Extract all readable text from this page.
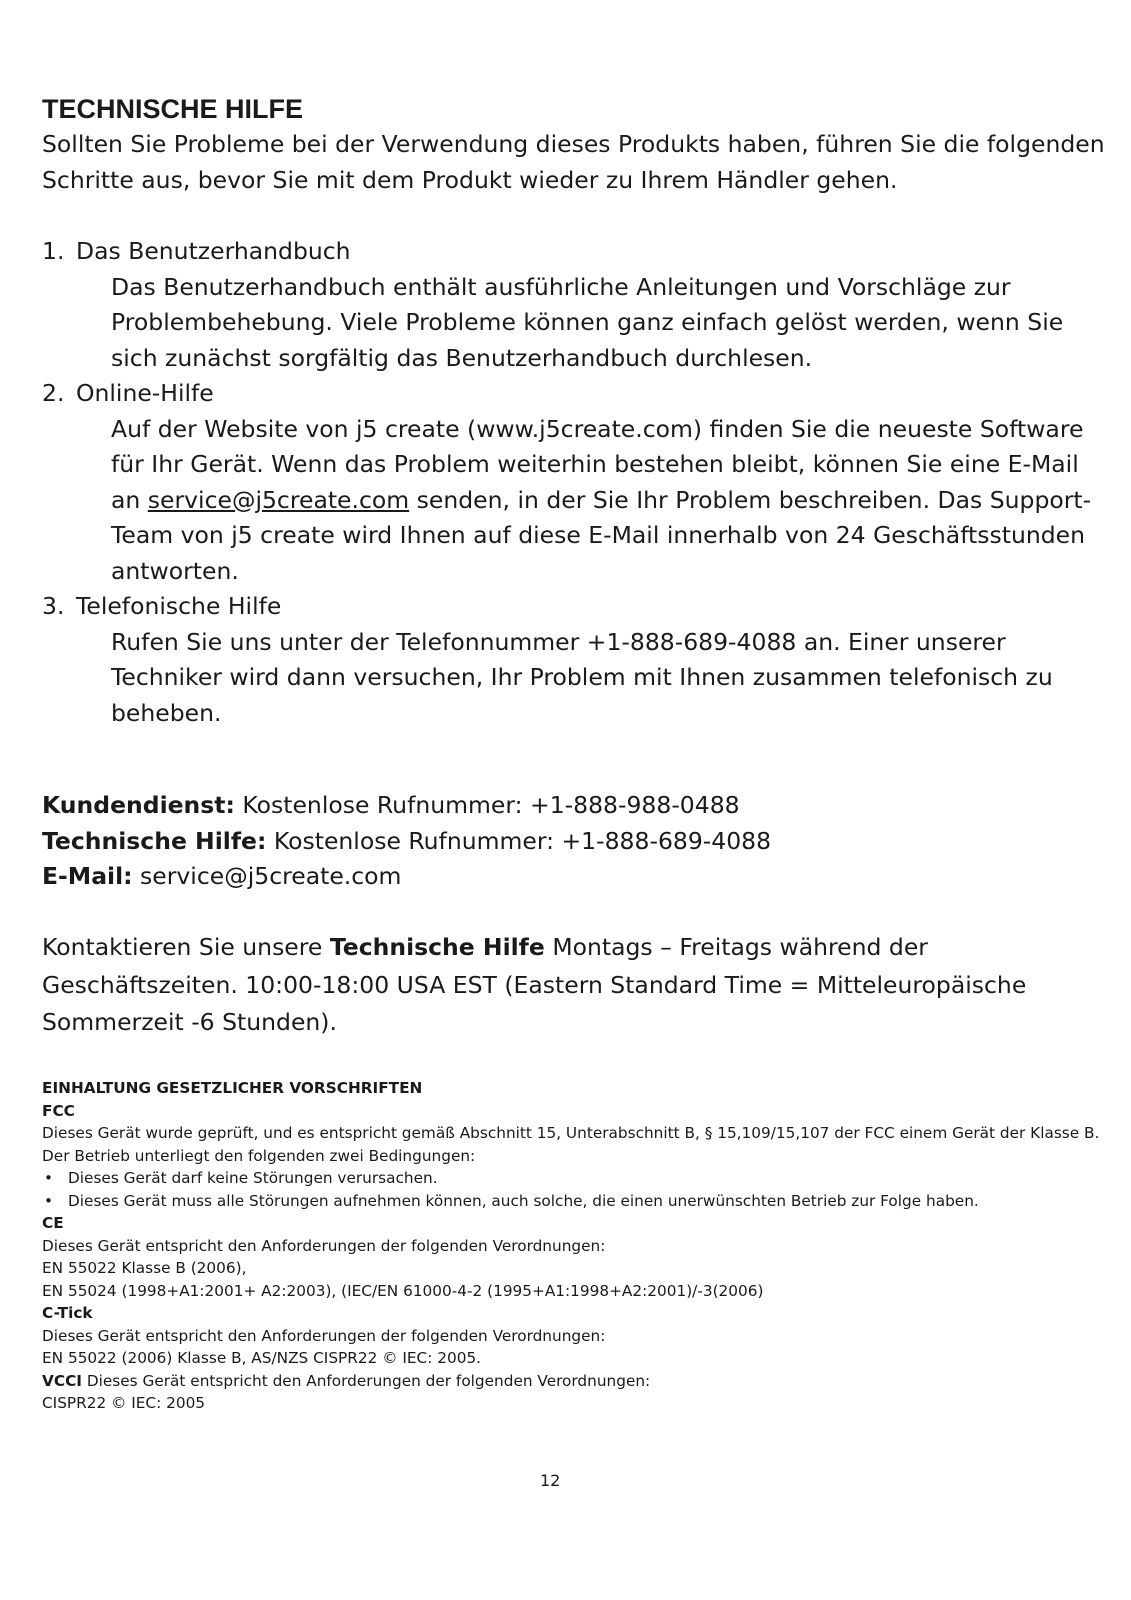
TECHNISCHE HILFE
Sollten Sie Probleme bei der Verwendung dieses Produkts haben, führen Sie die folgenden Schritte aus, bevor Sie mit dem Produkt wieder zu Ihrem Händler gehen.
1. Das Benutzerhandbuch
Das Benutzerhandbuch enthält ausführliche Anleitungen und Vorschläge zur Problembehebung. Viele Probleme können ganz einfach gelöst werden, wenn Sie sich zunächst sorgfältig das Benutzerhandbuch durchlesen.
2. Online-Hilfe
Auf der Website von j5 create (www.j5create.com) finden Sie die neueste Software für Ihr Gerät. Wenn das Problem weiterhin bestehen bleibt, können Sie eine E-Mail an service@j5create.com senden, in der Sie Ihr Problem beschreiben. Das Support-Team von j5 create wird Ihnen auf diese E-Mail innerhalb von 24 Geschäftsstunden antworten.
3. Telefonische Hilfe
Rufen Sie uns unter der Telefonnummer +1-888-689-4088 an. Einer unserer Techniker wird dann versuchen, Ihr Problem mit Ihnen zusammen telefonisch zu beheben.
Kundendienst: Kostenlose Rufnummer: +1-888-988-0488
Technische Hilfe: Kostenlose Rufnummer: +1-888-689-4088
E-Mail: service@j5create.com
Kontaktieren Sie unsere Technische Hilfe Montags – Freitags während der Geschäftszeiten. 10:00-18:00 USA EST (Eastern Standard Time = Mitteleuropäische Sommerzeit -6 Stunden).
EINHALTUNG GESETZLICHER VORSCHRIFTEN
FCC
Dieses Gerät wurde geprüft, und es entspricht gemäß Abschnitt 15, Unterabschnitt B, § 15,109/15,107 der FCC einem Gerät der Klasse B.
Der Betrieb unterliegt den folgenden zwei Bedingungen:
• Dieses Gerät darf keine Störungen verursachen.
• Dieses Gerät muss alle Störungen aufnehmen können, auch solche, die einen unerwünschten Betrieb zur Folge haben.
CE
Dieses Gerät entspricht den Anforderungen der folgenden Verordnungen:
EN 55022 Klasse B (2006),
EN 55024 (1998+A1:2001+ A2:2003), (IEC/EN 61000-4-2 (1995+A1:1998+A2:2001)/-3(2006)
C-Tick
Dieses Gerät entspricht den Anforderungen der folgenden Verordnungen:
EN 55022 (2006) Klasse B, AS/NZS CISPR22 © IEC: 2005.
VCCI Dieses Gerät entspricht den Anforderungen der folgenden Verordnungen:
CISPR22 © IEC: 2005
12
